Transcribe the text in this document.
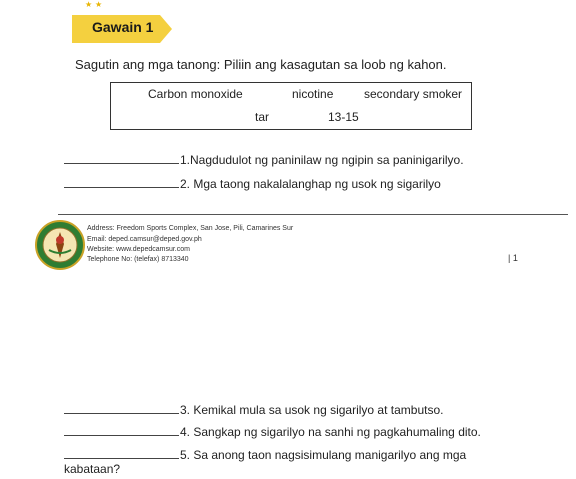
★ ★
Gawain 1
Sagutin ang mga tanong: Piliin ang kasagutan sa loob ng kahon.
Carbon monoxide	nicotine	secondary smoker
tar	13-15
1.Nagdudulot ng paninilaw ng ngipin sa paninigarilyo.
2. Mga taong nakalalanghap ng usok ng sigarilyo
Address: Freedom Sports Complex, San Jose, Pili, Camarines Sur
Email: deped.camsur@deped.gov.ph
Website: www.depedcamsur.com
Telephone No: (telefax) 8713340	| 1
3. Kemikal mula sa usok ng sigarilyo at tambutso.
4. Sangkap ng sigarilyo na sanhi ng pagkahumaling dito.
5. Sa anong taon nagsisimulang manigarilyo ang mga
kabataan?
